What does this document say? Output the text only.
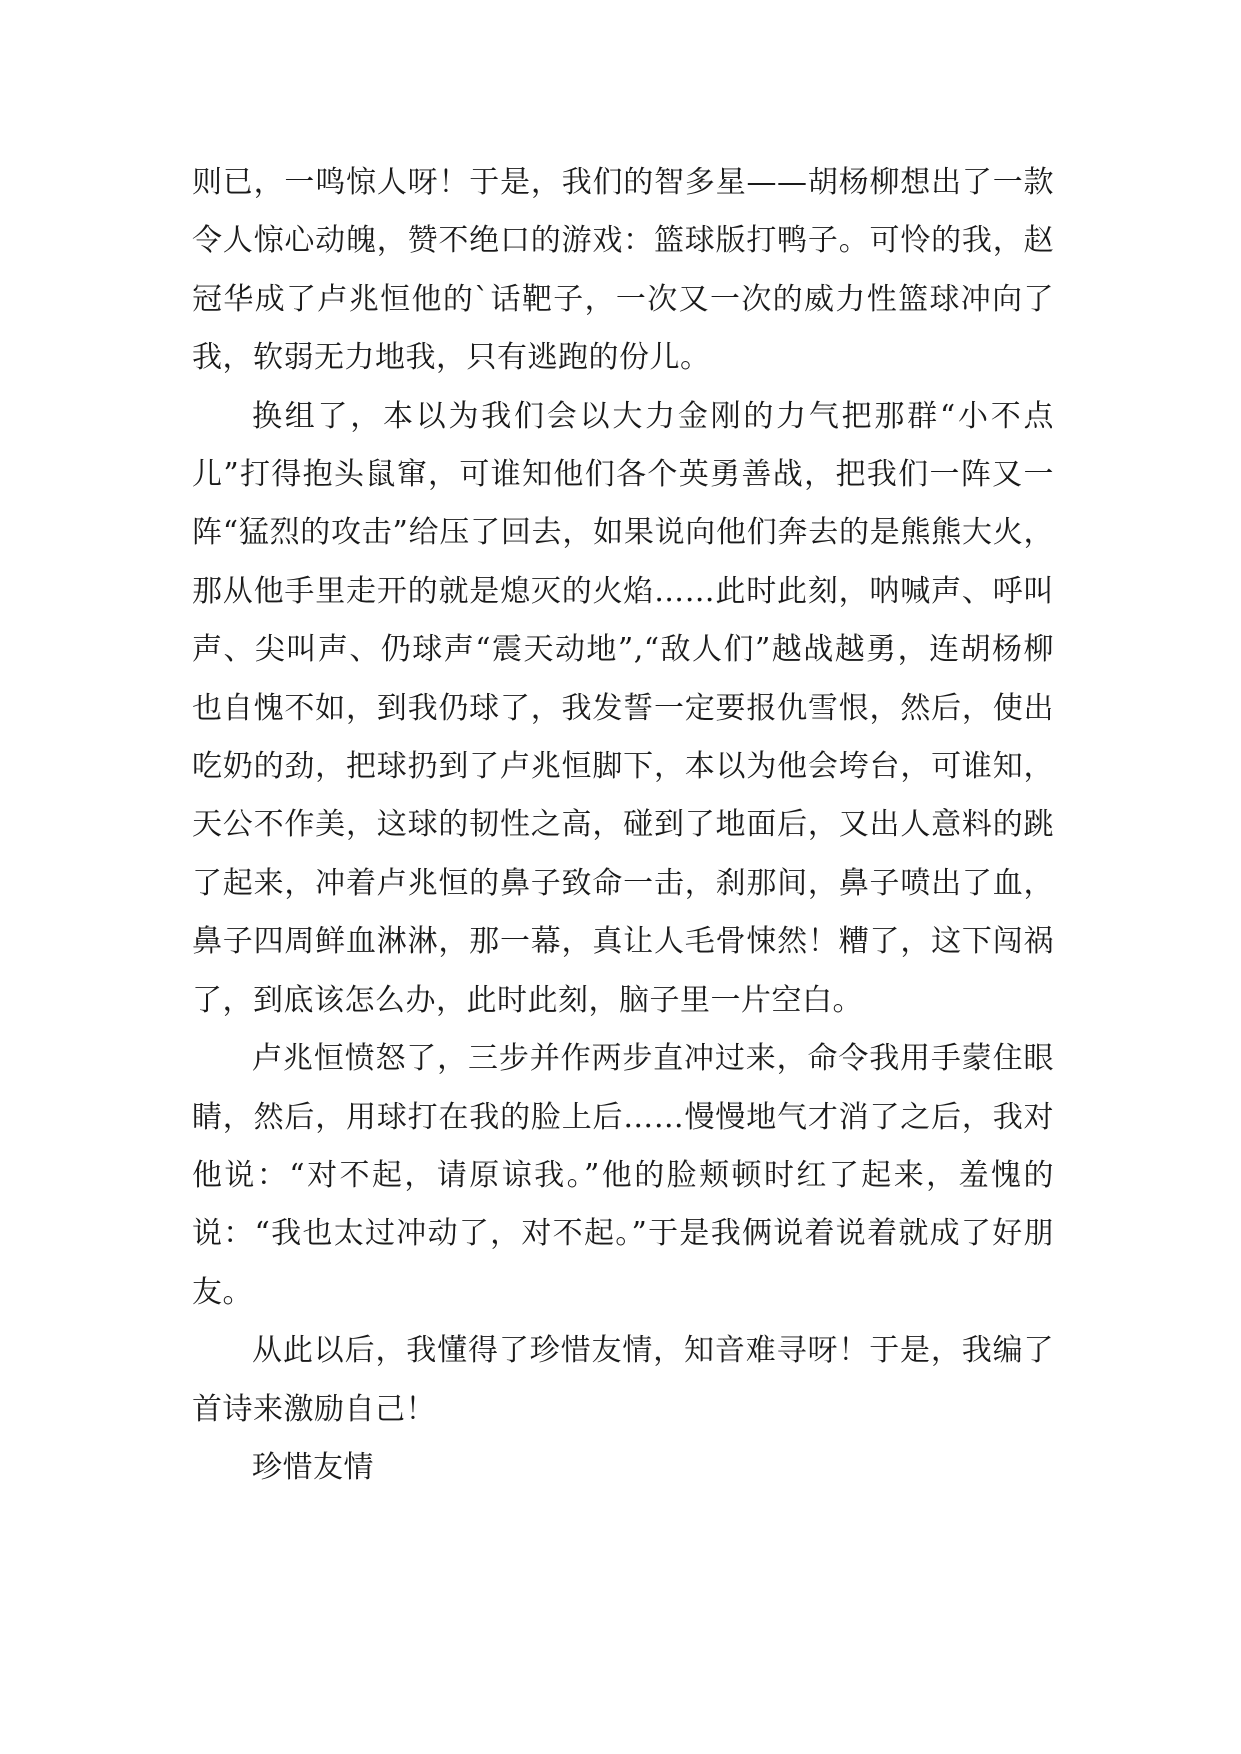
则已，一鸣惊人呀！于是，我们的智多星——胡杨柳想出了一款令人惊心动魄，赞不绝口的游戏：篮球版打鸭子。可怜的我，赵冠华成了卢兆恒他的`话靶子，一次又一次的威力性篮球冲向了我，软弱无力地我，只有逃跑的份儿。

换组了，本以为我们会以大力金刚的力气把那群“小不点儿”打得抱头鼠窜，可谁知他们各个英勇善战，把我们一阵又一阵“猛烈的攻击”给压了回去，如果说向他们奔去的是熊熊大火，那从他手里走开的就是熄灭的火焰……此时此刻，呐喊声、呼叫声、尖叫声、仍球声“震天动地”,“敌人们”越战越勇，连胡杨柳也自愧不如，到我仍球了，我发誓一定要报仇雪恨，然后，使出吃奶的劲，把球扔到了卢兆恒脚下，本以为他会垮台，可谁知，天公不作美，这球的韧性之高，碰到了地面后，又出人意料的跳了起来，冲着卢兆恒的鼻子致命一击，刹那间，鼻子喷出了血，鼻子四周鲜血淋淋，那一幕，真让人毛骨悚然！糟了，这下闯祸了，到底该怎么办，此时此刻，脑子里一片空白。

卢兆恒愤怒了，三步并作两步直冲过来，命令我用手蒙住眼睛，然后，用球打在我的脸上后……慢慢地气才消了之后，我对他说：“对不起，请原谅我。”他的脸颊顿时红了起来，羞愧的说：“我也太过冲动了，对不起。”于是我俩说着说着就成了好朋友。

从此以后，我懂得了珍惜友情，知音难寻呀！于是，我编了首诗来激励自己！

珍惜友情
